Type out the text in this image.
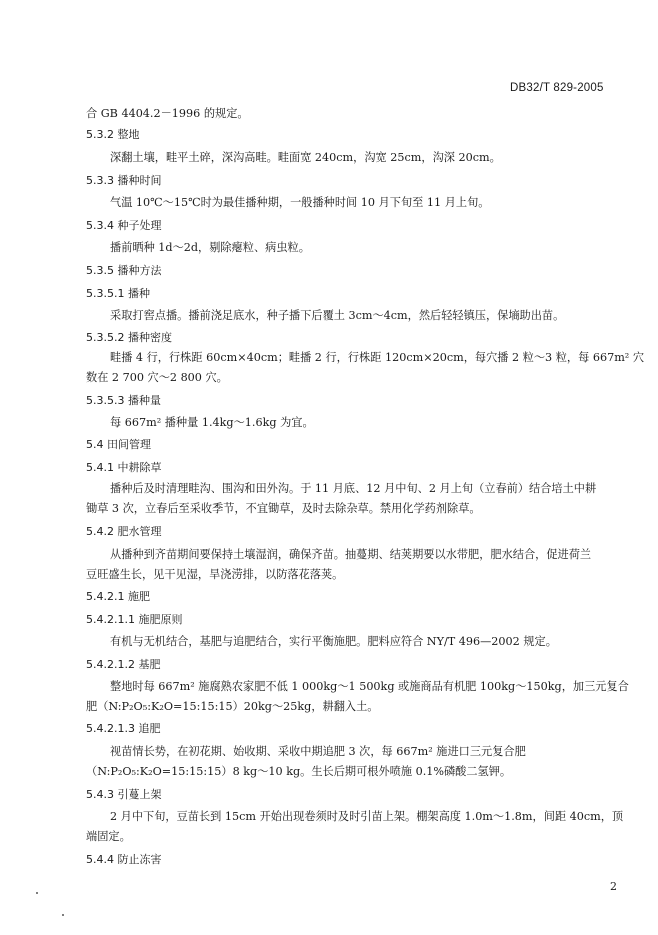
DB32/T 829-2005
合 GB 4404.2－1996 的规定。
5.3.2 整地
深翻土壤，畦平土碎，深沟高畦。畦面宽 240cm，沟宽 25cm，沟深 20cm。
5.3.3 播种时间
气温 10℃～15℃时为最佳播种期，一般播种时间 10 月下旬至 11 月上旬。
5.3.4 种子处理
播前晒种 1d～2d，剔除瘪粒、病虫粒。
5.3.5 播种方法
5.3.5.1 播种
采取打窖点播。播前浇足底水，种子播下后覆土 3cm～4cm，然后轻轻镇压，保墒助出苗。
5.3.5.2 播种密度
畦播 4 行，行株距 60cm×40cm；畦播 2 行，行株距 120cm×20cm，每穴播 2 粒～3 粒，每 667m² 穴
数在 2 700 穴～2 800 穴。
5.3.5.3 播种量
每 667m² 播种量 1.4kg～1.6kg 为宜。
5.4 田间管理
5.4.1 中耕除草
播种后及时清理畦沟、围沟和田外沟。于 11 月底、12 月中旬、2 月上旬（立春前）结合培土中耕
锄草 3 次，立春后至采收季节，不宜锄草，及时去除杂草。禁用化学药剂除草。
5.4.2 肥水管理
从播种到齐苗期间要保持土壤湿润，确保齐苗。抽蔓期、结荚期要以水带肥，肥水结合，促进荷兰
豆旺盛生长，见干见湿，旱浇涝排，以防落花落荚。
5.4.2.1 施肥
5.4.2.1.1 施肥原则
有机与无机结合，基肥与追肥结合，实行平衡施肥。肥料应符合 NY/T 496—2002 规定。
5.4.2.1.2 基肥
整地时每 667m² 施腐熟农家肥不低 1 000kg～1 500kg 或施商品有机肥 100kg～150kg，加三元复合
肥（N:P₂O₅:K₂O=15:15:15）20kg～25kg，耕翻入土。
5.4.2.1.3 追肥
视苗情长势，在初花期、始收期、采收中期追肥 3 次，每 667m² 施进口三元复合肥
（N:P₂O₅:K₂O=15:15:15）8 kg～10 kg。生长后期可根外喷施 0.1%磷酸二氢钾。
5.4.3 引蔓上架
2 月中下旬，豆苗长到 15cm 开始出现卷须时及时引苗上架。棚架高度 1.0m～1.8m，间距 40cm，顶
端固定。
5.4.4 防止冻害
2
